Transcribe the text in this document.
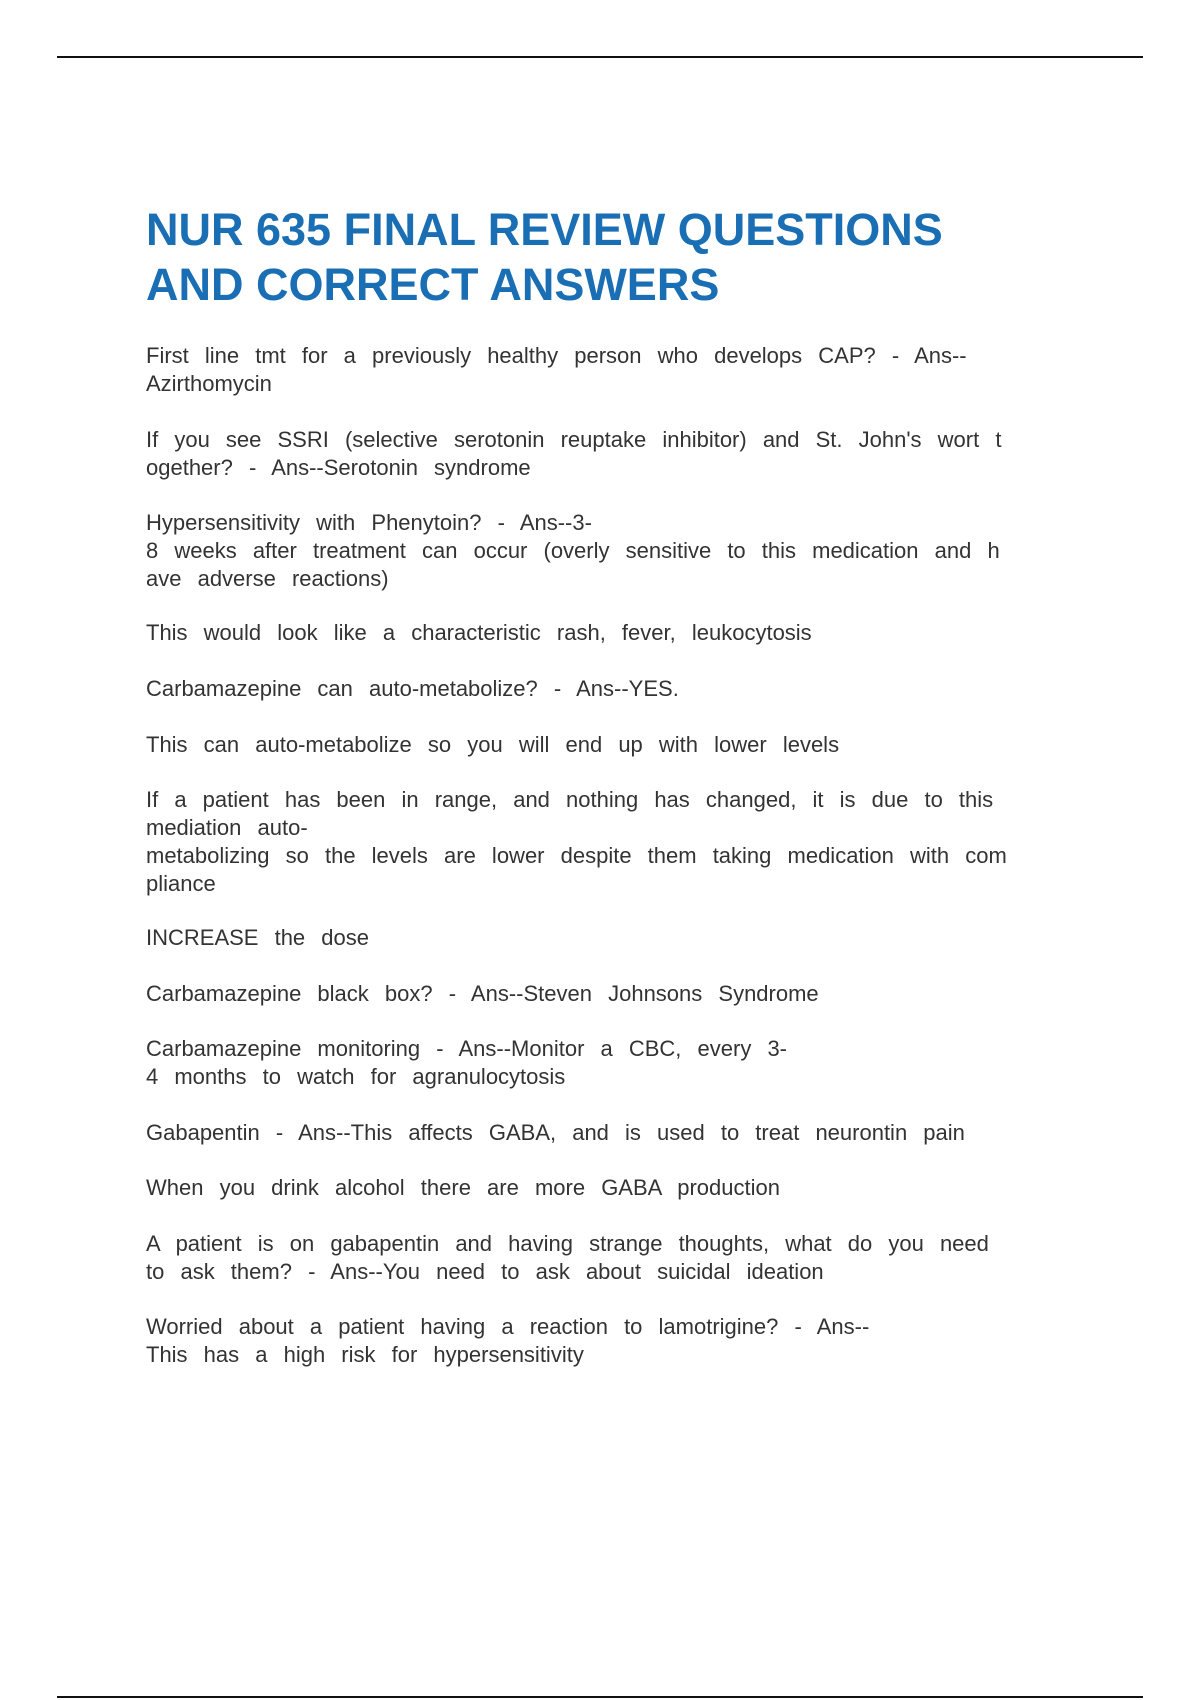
NUR 635 FINAL REVIEW QUESTIONS
AND CORRECT ANSWERS

First line tmt for a previously healthy person who develops CAP? - Ans--
Azirthomycin

If you see SSRI (selective serotonin reuptake inhibitor) and St. John's wort t
ogether? - Ans--Serotonin syndrome

Hypersensitivity with Phenytoin? - Ans--3-
8 weeks after treatment can occur (overly sensitive to this medication and h
ave adverse reactions)

This would look like a characteristic rash, fever, leukocytosis

Carbamazepine can auto-metabolize? - Ans--YES.

This can auto-metabolize so you will end up with lower levels

If a patient has been in range, and nothing has changed, it is due to this
mediation auto-
metabolizing so the levels are lower despite them taking medication with com
pliance

INCREASE the dose

Carbamazepine black box? - Ans--Steven Johnsons Syndrome

Carbamazepine monitoring - Ans--Monitor a CBC, every 3-
4 months to watch for agranulocytosis

Gabapentin - Ans--This affects GABA, and is used to treat neurontin pain

When you drink alcohol there are more GABA production

A patient is on gabapentin and having strange thoughts, what do you need
to ask them? - Ans--You need to ask about suicidal ideation

Worried about a patient having a reaction to lamotrigine? - Ans--
This has a high risk for hypersensitivity
